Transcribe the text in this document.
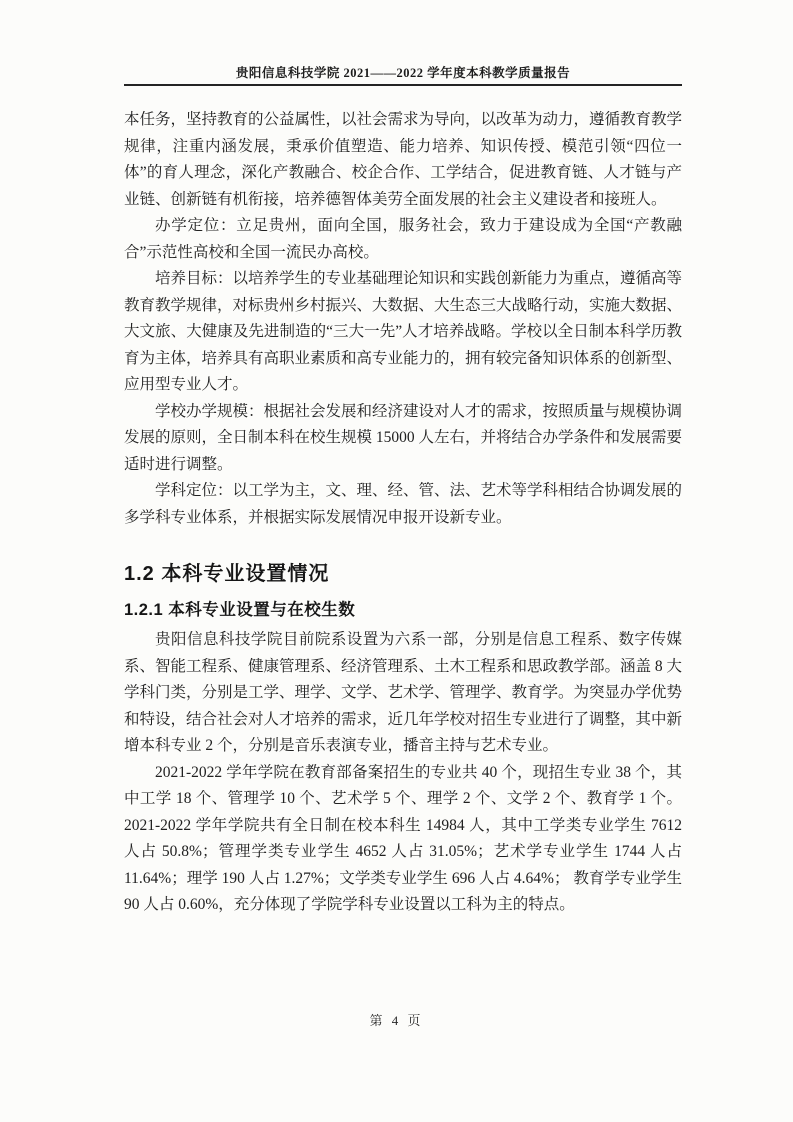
贵阳信息科技学院 2021——2022 学年度本科教学质量报告

本任务，坚持教育的公益属性，以社会需求为导向，以改革为动力，遵循教育教学规律，注重内涵发展，秉承价值塑造、能力培养、知识传授、模范引领“四位一体”的育人理念，深化产教融合、校企合作、工学结合，促进教育链、人才链与产业链、创新链有机衔接，培养德智体美劳全面发展的社会主义建设者和接班人。

办学定位：立足贵州，面向全国，服务社会，致力于建设成为全国“产教融合”示范性高校和全国一流民办高校。

培养目标：以培养学生的专业基础理论知识和实践创新能力为重点，遵循高等教育教学规律，对标贵州乡村振兴、大数据、大生态三大战略行动，实施大数据、大文旅、大健康及先进制造的“三大一先”人才培养战略。学校以全日制本科学历教育为主体，培养具有高职业素质和高专业能力的，拥有较完备知识体系的创新型、应用型专业人才。

学校办学规模：根据社会发展和经济建设对人才的需求，按照质量与规模协调发展的原则，全日制本科在校生规模 15000 人左右，并将结合办学条件和发展需要适时进行调整。

学科定位：以工学为主，文、理、经、管、法、艺术等学科相结合协调发展的多学科专业体系，并根据实际发展情况申报开设新专业。

1.2 本科专业设置情况
1.2.1 本科专业设置与在校生数

贵阳信息科技学院目前院系设置为六系一部，分别是信息工程系、数字传媒系、智能工程系、健康管理系、经济管理系、土木工程系和思政教学部。涵盖 8 大学科门类，分别是工学、理学、文学、艺术学、管理学、教育学。为突显办学优势和特设，结合社会对人才培养的需求，近几年学校对招生专业进行了调整，其中新增本科专业 2 个，分别是音乐表演专业，播音主持与艺术专业。

2021-2022 学年学院在教育部备案招生的专业共 40 个，现招生专业 38 个，其中工学 18 个、管理学 10 个、艺术学 5 个、理学 2 个、文学 2 个、教育学 1 个。2021-2022 学年学院共有全日制在校本科生 14984 人，其中工学类专业学生 7612 人占 50.8%；管理学类专业学生 4652 人占 31.05%；艺术学专业学生 1744 人占 11.64%；理学 190 人占 1.27%；文学类专业学生 696 人占 4.64%； 教育学专业学生 90 人占 0.60%，充分体现了学院学科专业设置以工科为主的特点。

第 4 页
